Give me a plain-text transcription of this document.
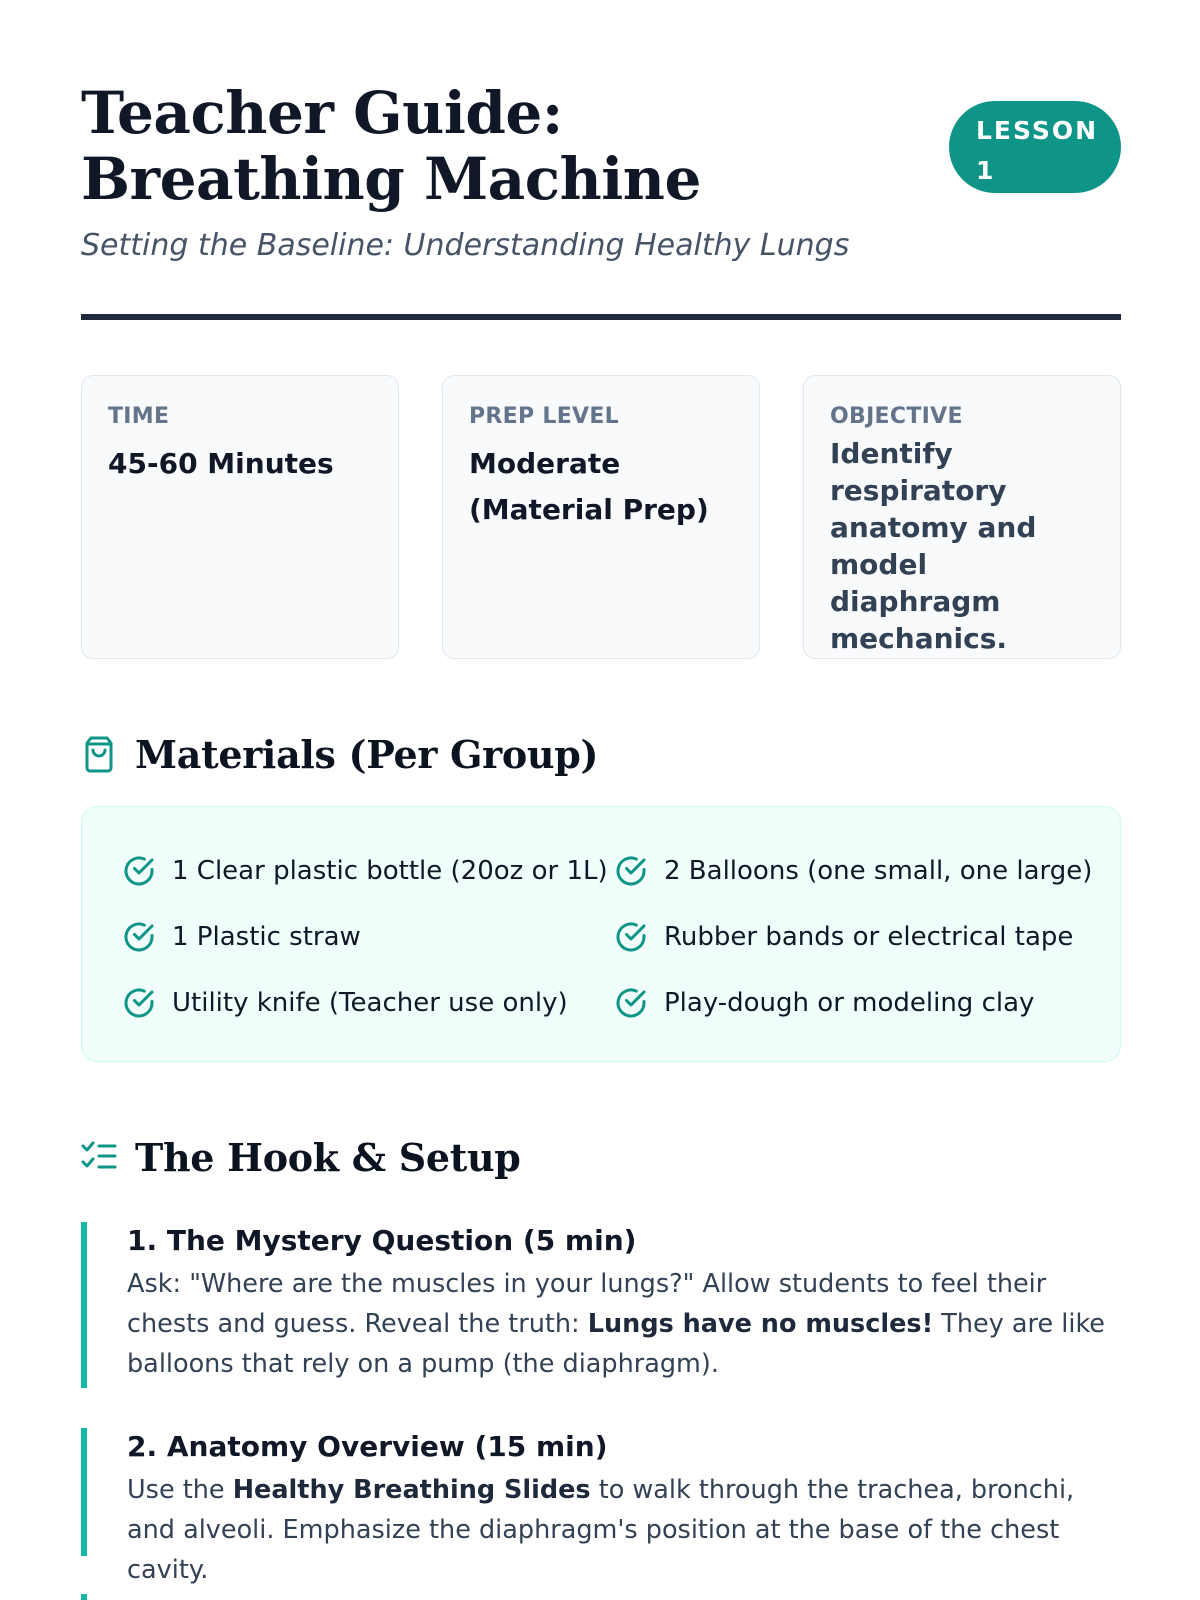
Teacher Guide: Breathing Machine
LESSON 1

Setting the Baseline: Understanding Healthy Lungs

TIME
45-60 Minutes
PREP LEVEL
Moderate (Material Prep)
OBJECTIVE
Identify respiratory anatomy and model diaphragm mechanics.
Materials (Per Group)
1 Clear plastic bottle (20oz or 1L) 2 Balloons (one small, one large)
1 Plastic straw	Rubber bands or electrical tape
Utility knife (Teacher use only)	Play-dough or modeling clay
The Hook & Setup
1. The Mystery Question (5 min)

Ask: "Where are the muscles in your lungs?" Allow students to feel their chests and guess. Reveal the truth: Lungs have no muscles! They are like balloons that rely on a pump (the diaphragm).

2. Anatomy Overview (15 min)

Use the Healthy Breathing Slides to walk through the trachea, bronchi, and alveoli. Emphasize the diaphragm's position at the base of the chest cavity.
